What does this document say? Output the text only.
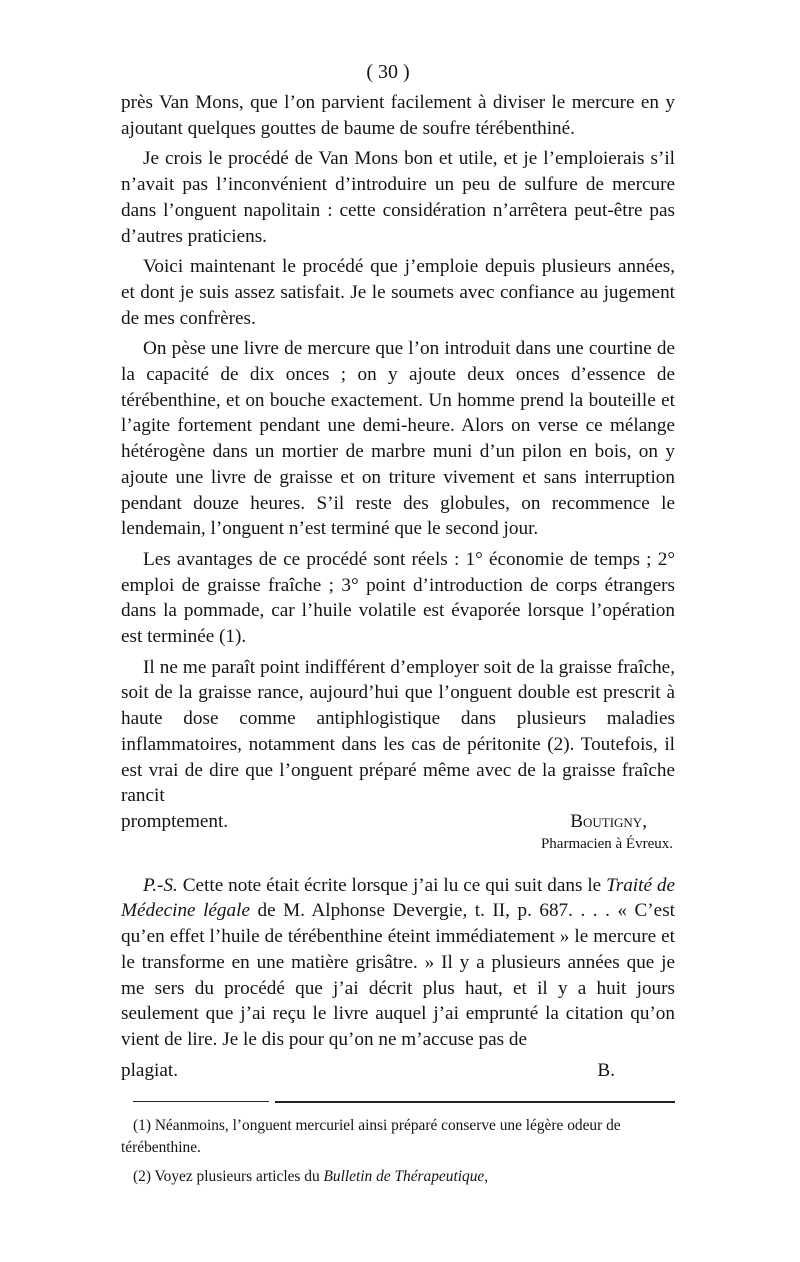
( 30 )

près Van Mons, que l’on parvient facilement à diviser le mercure en y ajoutant quelques gouttes de baume de soufre térébenthiné.

Je crois le procédé de Van Mons bon et utile, et je l’emploierais s’il n’avait pas l’inconvénient d’introduire un peu de sulfure de mercure dans l’onguent napolitain : cette considération n’arrêtera peut-être pas d’autres praticiens.

Voici maintenant le procédé que j’emploie depuis plusieurs années, et dont je suis assez satisfait. Je le soumets avec confiance au jugement de mes confrères.

On pèse une livre de mercure que l’on introduit dans une courtine de la capacité de dix onces ; on y ajoute deux onces d’essence de térébenthine, et on bouche exactement. Un homme prend la bouteille et l’agite fortement pendant une demi-heure. Alors on verse ce mélange hétérogène dans un mortier de marbre muni d’un pilon en bois, on y ajoute une livre de graisse et on triture vivement et sans interruption pendant douze heures. S’il reste des globules, on recommence le lendemain, l’onguent n’est terminé que le second jour.

Les avantages de ce procédé sont réels : 1° économie de temps ; 2° emploi de graisse fraîche ; 3° point d’introduction de corps étrangers dans la pommade, car l’huile volatile est évaporée lorsque l’opération est terminée (1).

Il ne me paraît point indifférent d’employer soit de la graisse fraîche, soit de la graisse rance, aujourd’hui que l’onguent double est prescrit à haute dose comme antiphlogistique dans plusieurs maladies inflammatoires, notamment dans les cas de péritonite (2). Toutefois, il est vrai de dire que l’onguent préparé même avec de la graisse fraîche rancit

promptement.	Boutigny,
Pharmacien à Évreux.

P.-S. Cette note était écrite lorsque j’ai lu ce qui suit dans le Traité de Médecine légale de M. Alphonse Devergie, t. II, p. 687. . . . « C’est qu’en effet l’huile de térébenthine éteint immédiatement » le mercure et le transforme en une matière grisâtre. » Il y a plusieurs années que je me sers du procédé que j’ai décrit plus haut, et il y a huit jours seulement que j’ai reçu le livre auquel j’ai emprunté la citation qu’on vient de lire. Je le dis pour qu’on ne m’accuse pas de

plagiat.	B.

(1) Néanmoins, l’onguent mercuriel ainsi préparé conserve une légère odeur de térébenthine.

(2) Voyez plusieurs articles du Bulletin de Thérapeutique,
